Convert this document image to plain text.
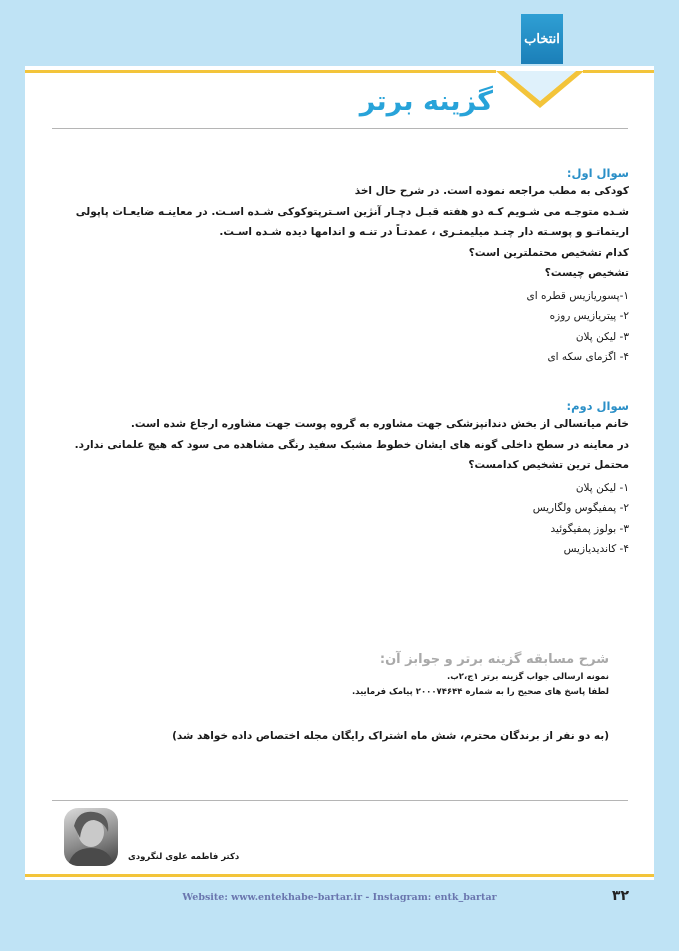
انتخاب
گزینه برتر
سوال اول:
کودکی به مطب مراجعه نموده است. در شرح حال اخذ
شـده متوجـه می شـویم کـه دو هفته قبـل دچـار آنژین اسـترپتوکوکی شـده اسـت. در معاینـه ضایعـات پاپولی
اریتماتـو و پوسـته دار چنـد میلیمتـری ، عمدتـاً در تنـه و اندامها دیده شـده اسـت.
کدام تشخیص محتملترین است؟
تشخیص چیست؟
۱-پسوریازیس قطره ای
۲- پیتریازیس روزه
۳- لیکن پلان
۴- اگزمای سکه ای
سوال دوم:
خانم میانسالی از بخش دندانپزشکی جهت مشاوره به گروه پوست جهت مشاوره ارجاع شده است.
در معاینه در سطح داخلی گونه های ایشان خطوط مشبک سفید رنگی مشاهده می سود که هیچ علمانی ندارد.
محتمل ترین تشخیص کدامست؟
۱- لیکن پلان
۲- پمفیگوس ولگاریس
۳- بولوز پمفیگوئید
۴- کاندیدیازیس
شرح مسابقه گزینه برتر و جوابز آن:
نمونه ارسالی جواب گزینه برتر ۱ج،۲ب.
لطفا پاسخ های صحیح را به شماره ۲۰۰۰۷۴۶۴۴ پیامک فرمایید.
(به دو نفر از برندگان محترم، شش ماه اشتراک رایگان مجله اختصاص داده خواهد شد)
دکتر فاطمه علوی لنگرودی
Website: www.entekhabe-bartar.ir - Instagram: entk_bartar	۳۲
